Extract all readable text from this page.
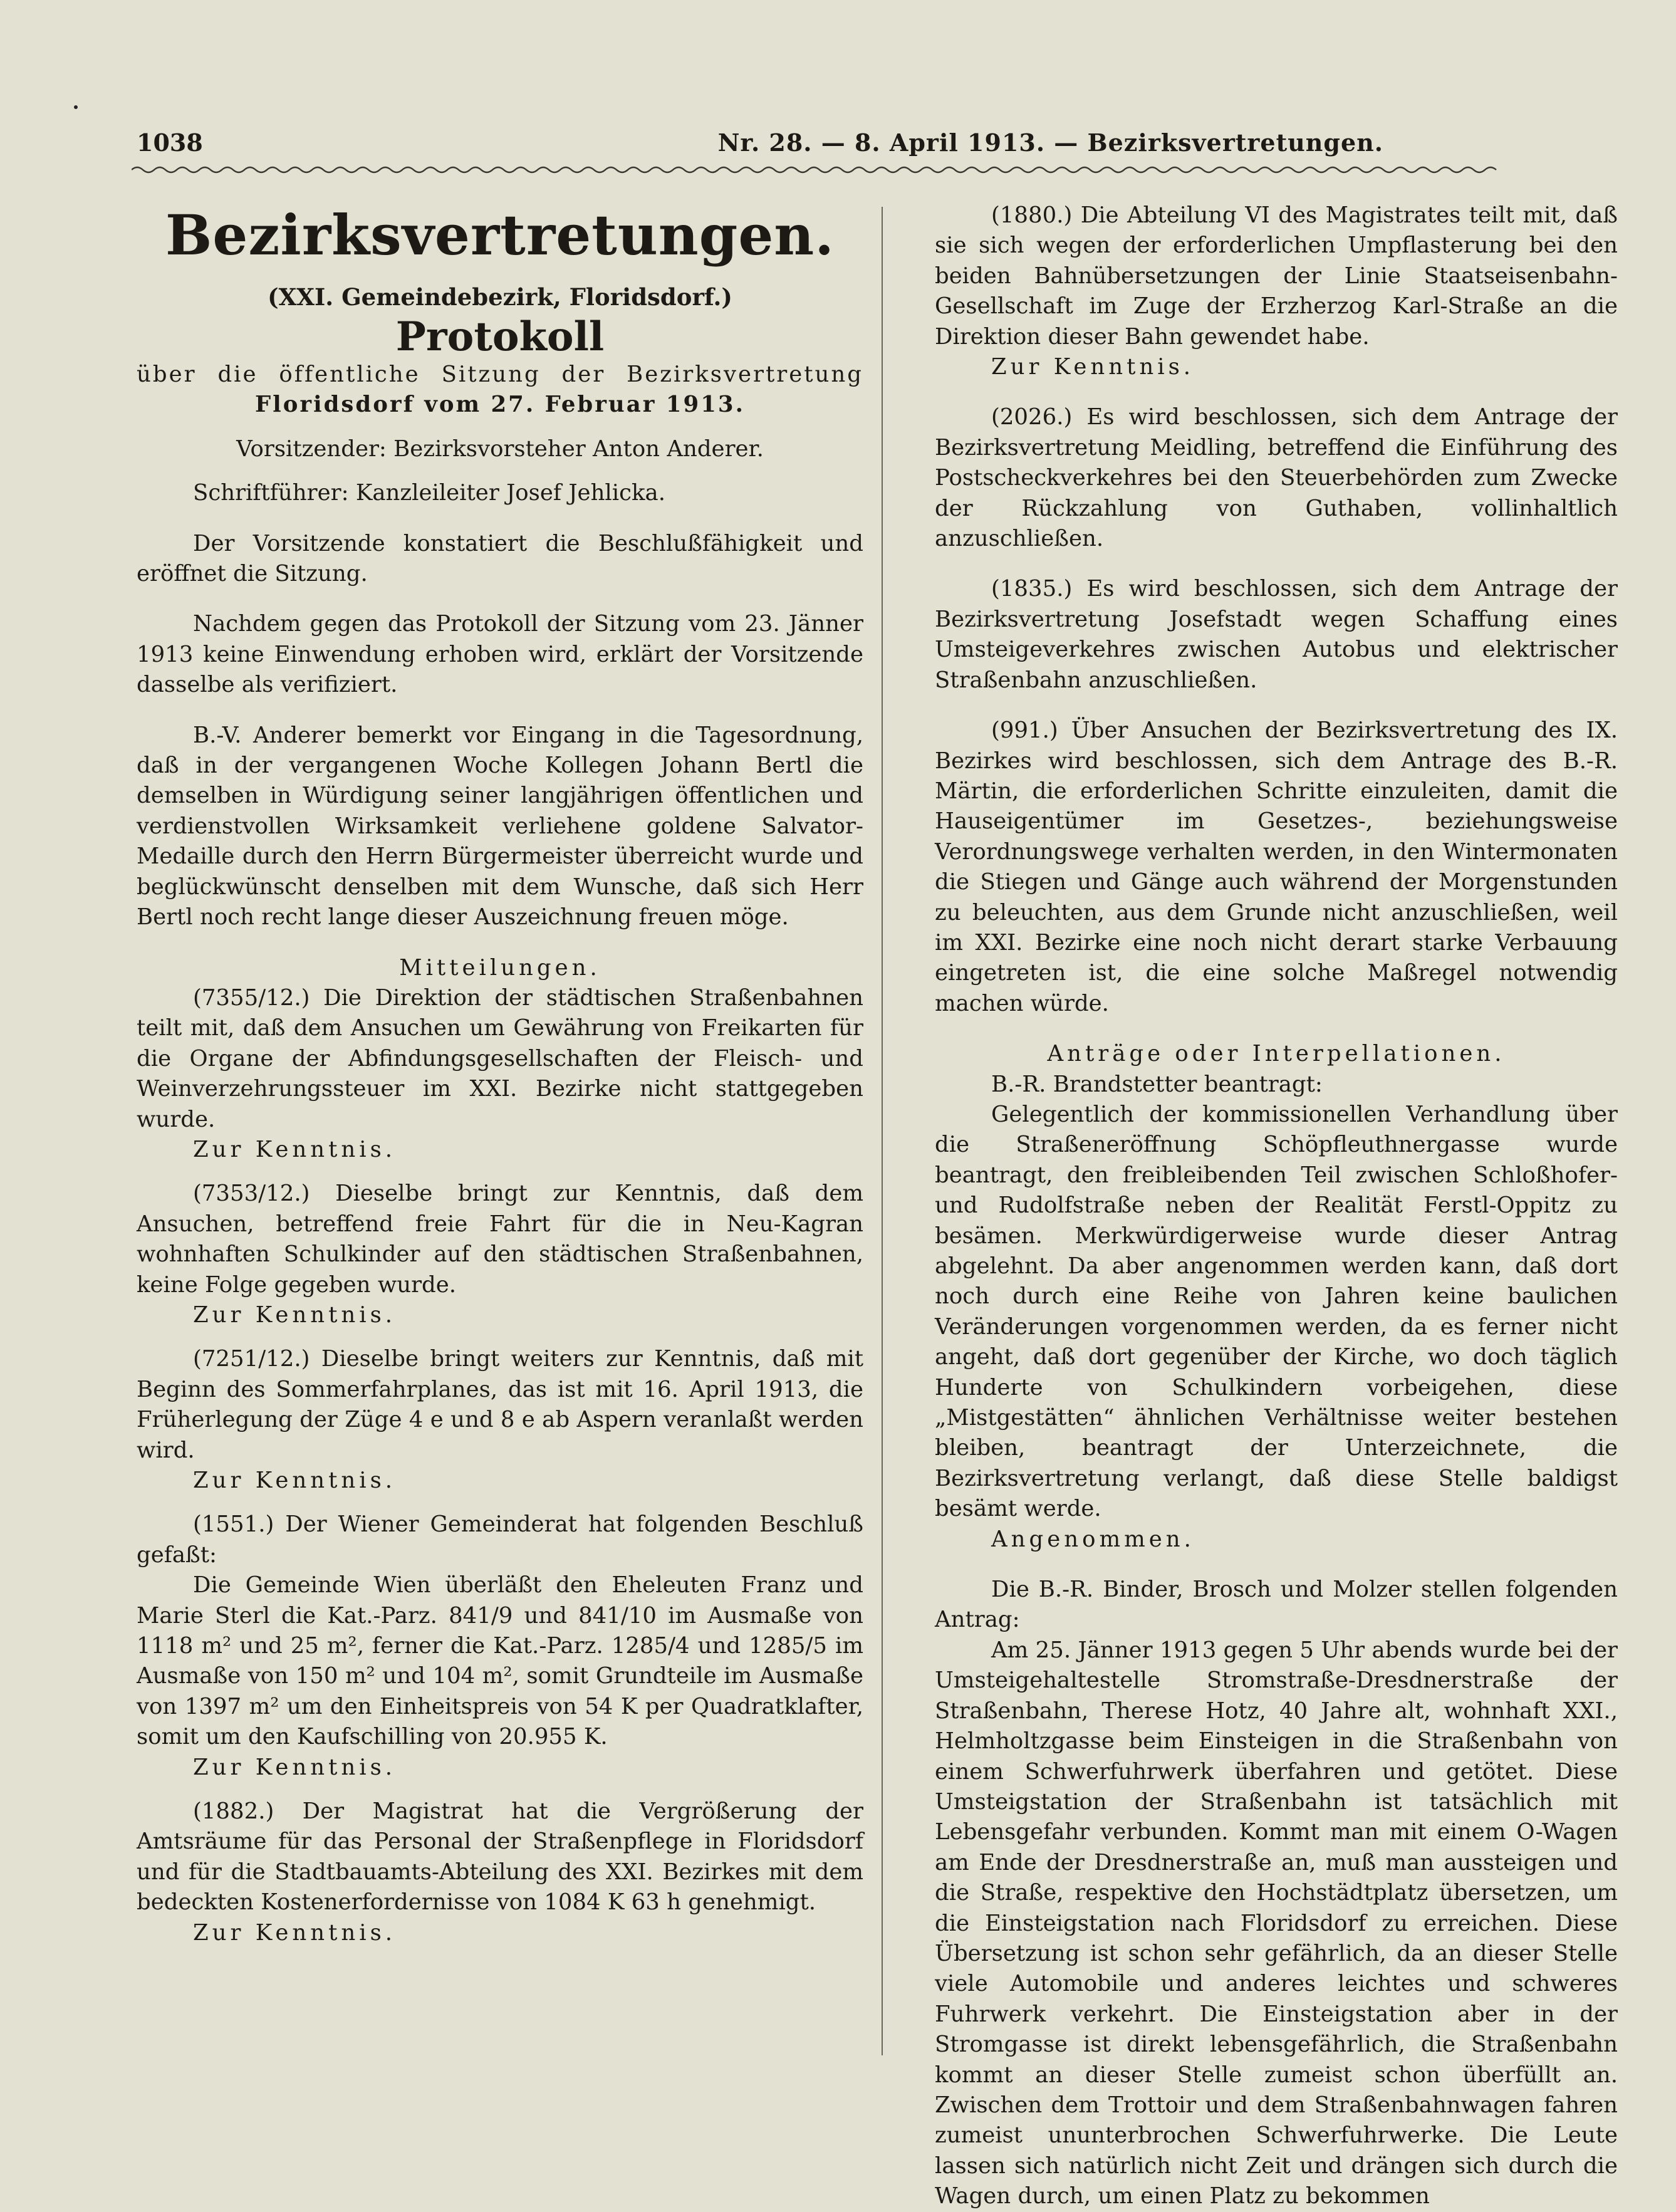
1038	Nr. 28. — 8. April 1913. — Bezirksvertretungen.
Bezirksvertretungen.
(XXI. Gemeindebezirk, Floridsdorf.)
Protokoll

über die öffentliche Sitzung der Bezirksvertretung

Floridsdorf vom 27. Februar 1913.

Vorsitzender: Bezirksvorsteher Anton Anderer.

Schriftführer: Kanzleileiter Josef Jehlicka.

Der Vorsitzende konstatiert die Beschlußfähigkeit und eröffnet die Sitzung.

Nachdem gegen das Protokoll der Sitzung vom 23. Jänner 1913 keine Einwendung erhoben wird, erklärt der Vorsitzende dasselbe als verifiziert.

B.-V. Anderer bemerkt vor Eingang in die Tagesordnung, daß in der vergangenen Woche Kollegen Johann Bertl die demselben in Würdigung seiner langjährigen öffentlichen und verdienstvollen Wirksamkeit verliehene goldene Salvator-Medaille durch den Herrn Bürgermeister überreicht wurde und beglückwünscht denselben mit dem Wunsche, daß sich Herr Bertl noch recht lange dieser Auszeichnung freuen möge.

Mitteilungen.

(7355/12.) Die Direktion der städtischen Straßenbahnen teilt mit, daß dem Ansuchen um Gewährung von Freikarten für die Organe der Abfindungsgesellschaften der Fleisch- und Weinverzehrungssteuer im XXI. Bezirke nicht stattgegeben wurde.

Zur Kenntnis.

(7353/12.) Dieselbe bringt zur Kenntnis, daß dem Ansuchen, betreffend freie Fahrt für die in Neu-Kagran wohnhaften Schulkinder auf den städtischen Straßenbahnen, keine Folge gegeben wurde.

Zur Kenntnis.

(7251/12.) Dieselbe bringt weiters zur Kenntnis, daß mit Beginn des Sommerfahrplanes, das ist mit 16. April 1913, die Früherlegung der Züge 4 e und 8 e ab Aspern veranlaßt werden wird.

Zur Kenntnis.

(1551.) Der Wiener Gemeinderat hat folgenden Beschluß gefaßt:

Die Gemeinde Wien überläßt den Eheleuten Franz und Marie Sterl die Kat.-Parz. 841/9 und 841/10 im Ausmaße von 1118 m² und 25 m², ferner die Kat.-Parz. 1285/4 und 1285/5 im Ausmaße von 150 m² und 104 m², somit Grundteile im Ausmaße von 1397 m² um den Einheitspreis von 54 K per Quadratklafter, somit um den Kaufschilling von 20.955 K.

Zur Kenntnis.

(1882.) Der Magistrat hat die Vergrößerung der Amtsräume für das Personal der Straßenpflege in Floridsdorf und für die Stadtbauamts-Abteilung des XXI. Bezirkes mit dem bedeckten Kostenerfordernisse von 1084 K 63 h genehmigt.

Zur Kenntnis.

(1880.) Die Abteilung VI des Magistrates teilt mit, daß sie sich wegen der erforderlichen Umpflasterung bei den beiden Bahnübersetzungen der Linie Staatseisenbahn-Gesellschaft im Zuge der Erzherzog Karl-Straße an die Direktion dieser Bahn gewendet habe.

Zur Kenntnis.

(2026.) Es wird beschlossen, sich dem Antrage der Bezirksvertretung Meidling, betreffend die Einführung des Postscheckverkehres bei den Steuerbehörden zum Zwecke der Rückzahlung von Guthaben, vollinhaltlich anzuschließen.

(1835.) Es wird beschlossen, sich dem Antrage der Bezirksvertretung Josefstadt wegen Schaffung eines Umsteigeverkehres zwischen Autobus und elektrischer Straßenbahn anzuschließen.

(991.) Über Ansuchen der Bezirksvertretung des IX. Bezirkes wird beschlossen, sich dem Antrage des B.-R. Märtin, die erforderlichen Schritte einzuleiten, damit die Hauseigentümer im Gesetzes-, beziehungsweise Verordnungswege verhalten werden, in den Wintermonaten die Stiegen und Gänge auch während der Morgenstunden zu beleuchten, aus dem Grunde nicht anzuschließen, weil im XXI. Bezirke eine noch nicht derart starke Verbauung eingetreten ist, die eine solche Maßregel notwendig machen würde.

Anträge oder Interpellationen.

B.-R. Brandstetter beantragt:

Gelegentlich der kommissionellen Verhandlung über die Straßeneröffnung Schöpfleuthnergasse wurde beantragt, den freibleibenden Teil zwischen Schloßhofer- und Rudolfstraße neben der Realität Ferstl-Oppitz zu besämen. Merkwürdigerweise wurde dieser Antrag abgelehnt. Da aber angenommen werden kann, daß dort noch durch eine Reihe von Jahren keine baulichen Veränderungen vorgenommen werden, da es ferner nicht angeht, daß dort gegenüber der Kirche, wo doch täglich Hunderte von Schulkindern vorbeigehen, diese „Mistgestätten“ ähnlichen Verhältnisse weiter bestehen bleiben, beantragt der Unterzeichnete, die Bezirksvertretung verlangt, daß diese Stelle baldigst besämt werde.

Angenommen.

Die B.-R. Binder, Brosch und Molzer stellen folgenden Antrag:

Am 25. Jänner 1913 gegen 5 Uhr abends wurde bei der Umsteigehaltestelle Stromstraße-Dresdnerstraße der Straßenbahn, Therese Hotz, 40 Jahre alt, wohnhaft XXI., Helmholtzgasse beim Einsteigen in die Straßenbahn von einem Schwerfuhrwerk überfahren und getötet. Diese Umsteigstation der Straßenbahn ist tatsächlich mit Lebensgefahr verbunden. Kommt man mit einem O-Wagen am Ende der Dresdnerstraße an, muß man aussteigen und die Straße, respektive den Hochstädtplatz übersetzen, um die Einsteigstation nach Floridsdorf zu erreichen. Diese Übersetzung ist schon sehr gefährlich, da an dieser Stelle viele Automobile und anderes leichtes und schweres Fuhrwerk verkehrt. Die Einsteigstation aber in der Stromgasse ist direkt lebensgefährlich, die Straßenbahn kommt an dieser Stelle zumeist schon überfüllt an. Zwischen dem Trottoir und dem Straßenbahnwagen fahren zumeist ununterbrochen Schwerfuhrwerke. Die Leute lassen sich natürlich nicht Zeit und drängen sich durch die Wagen durch, um einen Platz zu bekommen
